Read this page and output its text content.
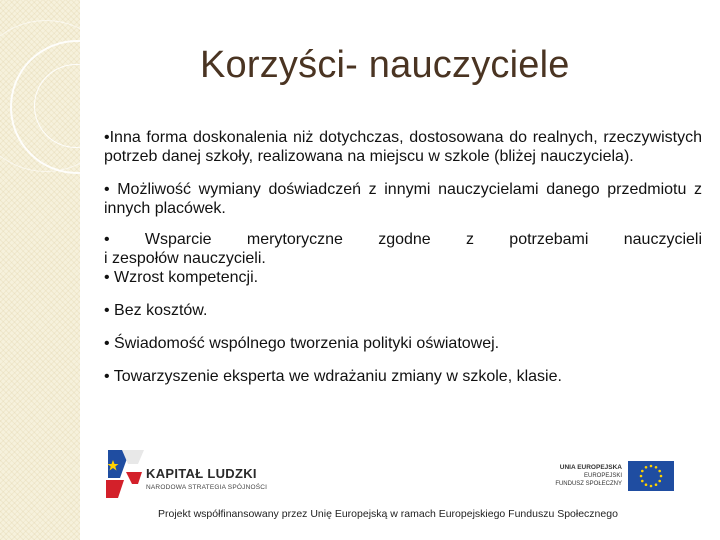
Korzyści- nauczyciele

•Inna forma doskonalenia niż dotychczas, dostosowana do realnych, rzeczywistych potrzeb danej szkoły, realizowana na miejscu w szkole (bliżej nauczyciela).

• Możliwość wymiany doświadczeń z innymi nauczycielami danego przedmiotu z innych placówek.

• Wsparcie merytoryczne zgodne z potrzebami nauczycieli

i zespołów nauczycieli.

• Wzrost kompetencji.

• Bez kosztów.

• Świadomość wspólnego tworzenia polityki oświatowej.

• Towarzyszenie eksperta we wdrażaniu zmiany w szkole, klasie.

KAPITAŁ LUDZKI
NARODOWA STRATEGIA SPÓJNOŚCI
UNIA EUROPEJSKA
EUROPEJSKI
FUNDUSZ SPOŁECZNY
Projekt współfinansowany przez Unię Europejską w ramach Europejskiego Funduszu Społecznego
